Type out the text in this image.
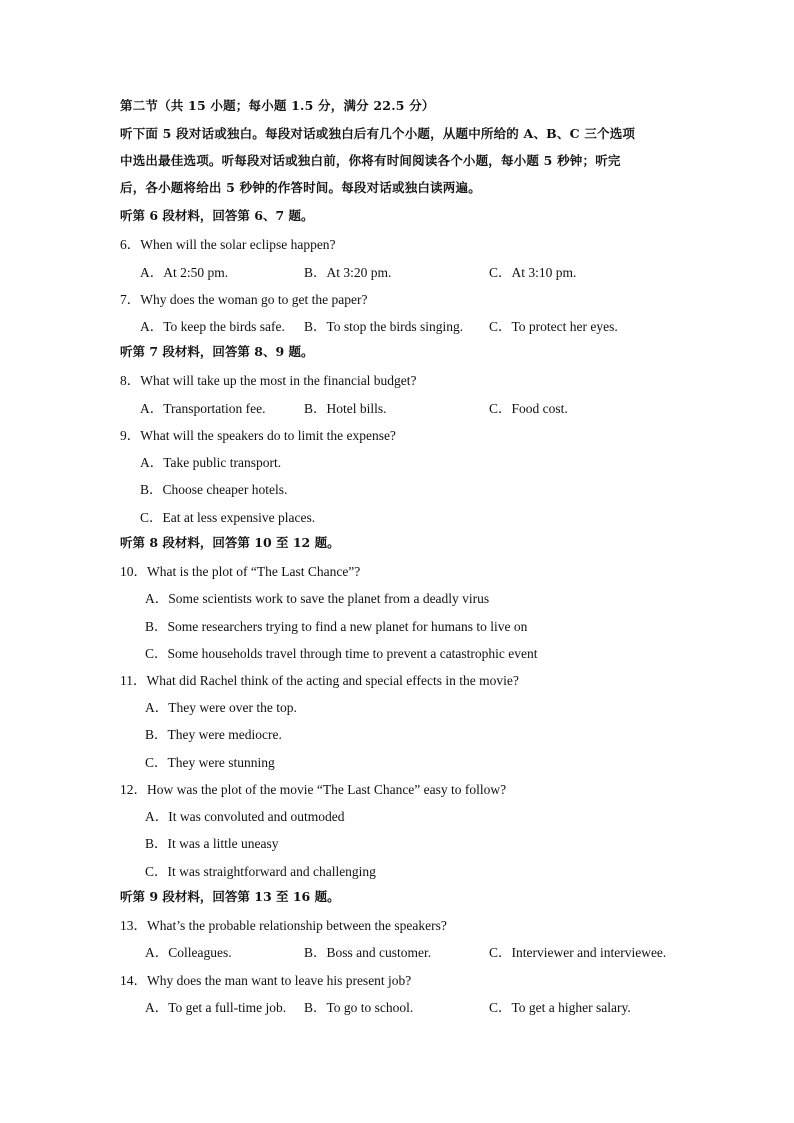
第二节（共 15 小题；每小题 1.5 分，满分 22.5 分）
听下面 5 段对话或独白。每段对话或独白后有几个小题，从题中所给的 A、B、C 三个选项
中选出最佳选项。听每段对话或独白前，你将有时间阅读各个小题，每小题 5 秒钟；听完
后，各小题将给出 5 秒钟的作答时间。每段对话或独白读两遍。
听第 6 段材料，回答第 6、7 题。
6．When will the solar eclipse happen?
A．At 2:50 pm.	B．At 3:20 pm.	C．At 3:10 pm.
7．Why does the woman go to get the paper?
A．To keep the birds safe. B．To stop the birds singing. C．To protect her eyes.
听第 7 段材料，回答第 8、9 题。
8．What will take up the most in the financial budget?
A．Transportation fee.	B．Hotel bills.	C．Food cost.
9．What will the speakers do to limit the expense?
A．Take public transport.
B．Choose cheaper hotels.
C．Eat at less expensive places.
听第 8 段材料，回答第 10 至 12 题。
10．What is the plot of “The Last Chance”?
A．Some scientists work to save the planet from a deadly virus
B．Some researchers trying to find a new planet for humans to live on
C．Some households travel through time to prevent a catastrophic event
11．What did Rachel think of the acting and special effects in the movie?
A．They were over the top.
B．They were mediocre.
C．They were stunning
12．How was the plot of the movie “The Last Chance” easy to follow?
A．It was convoluted and outmoded
B．It was a little uneasy
C．It was straightforward and challenging
听第 9 段材料，回答第 13 至 16 题。
13．What’s the probable relationship between the speakers?
A．Colleagues.	B．Boss and customer.	C．Interviewer and interviewee.
14．Why does the man want to leave his present job?
A．To get a full-time job. B．To go to school.	C．To get a higher salary.
